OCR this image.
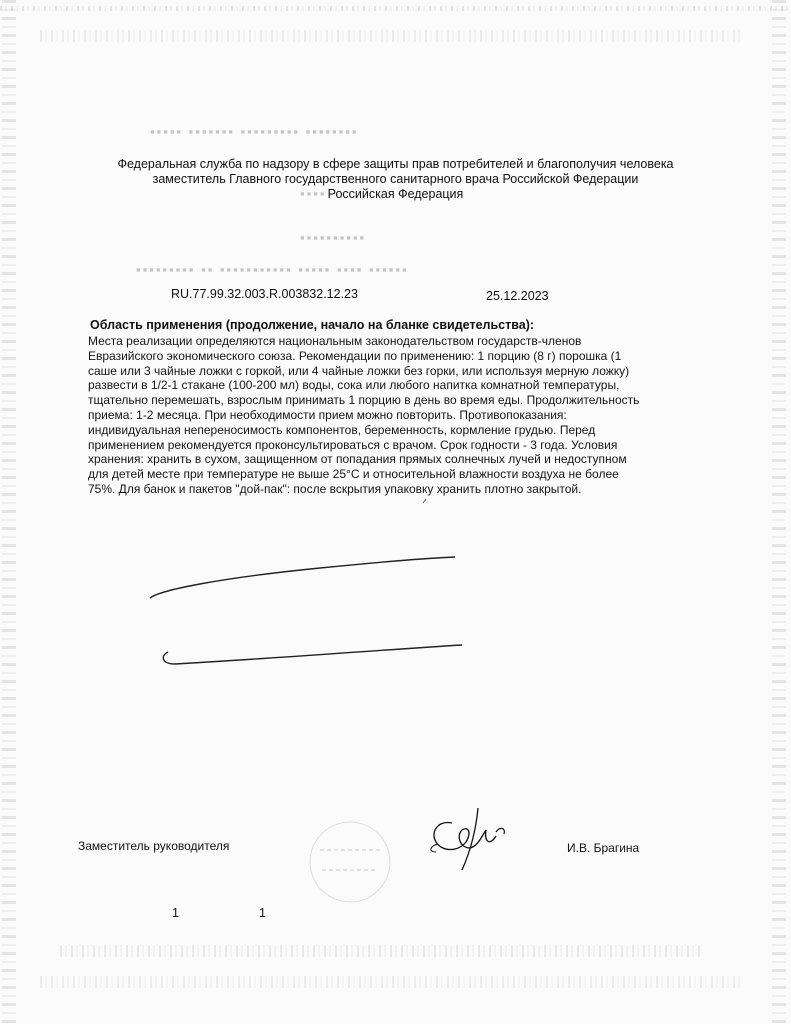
▪▪▪▪▪ ▪▪▪▪▪▪▪ ▪▪▪▪▪▪▪▪▪ ▪▪▪▪▪▪▪▪
▪▪▪▪▪▪▪▪▪▪
▪▪▪▪▪▪▪▪▪ ▪▪ ▪▪▪▪▪▪▪▪▪▪▪ ▪▪▪▪▪ ▪▪▪▪ ▪▪▪▪▪▪
▪▪▪▪
Федеральная служба по надзору в сфере защиты прав потребителей и благополучия человека
заместитель Главного государственного санитарного врача Российской Федерации
Российская Федерация
RU.77.99.32.003.R.003832.12.23	25.12.2023
Область применения (продолжение, начало на бланке свидетельства):
Места реализации определяются национальным законодательством государств-членов Евразийского экономического союза. Рекомендации по применению: 1 порцию (8 г) порошка (1 саше или 3 чайные ложки с горкой, или 4 чайные ложки без горки, или используя мерную ложку) развести в 1/2-1 стакане (100-200 мл) воды, сока или любого напитка комнатной температуры, тщательно перемешать, взрослым принимать 1 порцию в день во время еды. Продолжительность приема: 1-2 месяца. При необходимости прием можно повторить. Противопоказания: индивидуальная непереносимость компонентов, беременность, кормление грудью. Перед применением рекомендуется проконсультироваться с врачом. Срок годности - 3 года. Условия хранения: хранить в сухом, защищенном от попадания прямых солнечных лучей и недоступном для детей месте при температуре не выше 25°С и относительной влажности воздуха не более 75%. Для банок и пакетов "дой-пак": после вскрытия упаковку хранить плотно закрытой.
Заместитель руководителя	И.В. Брагина
1	1
